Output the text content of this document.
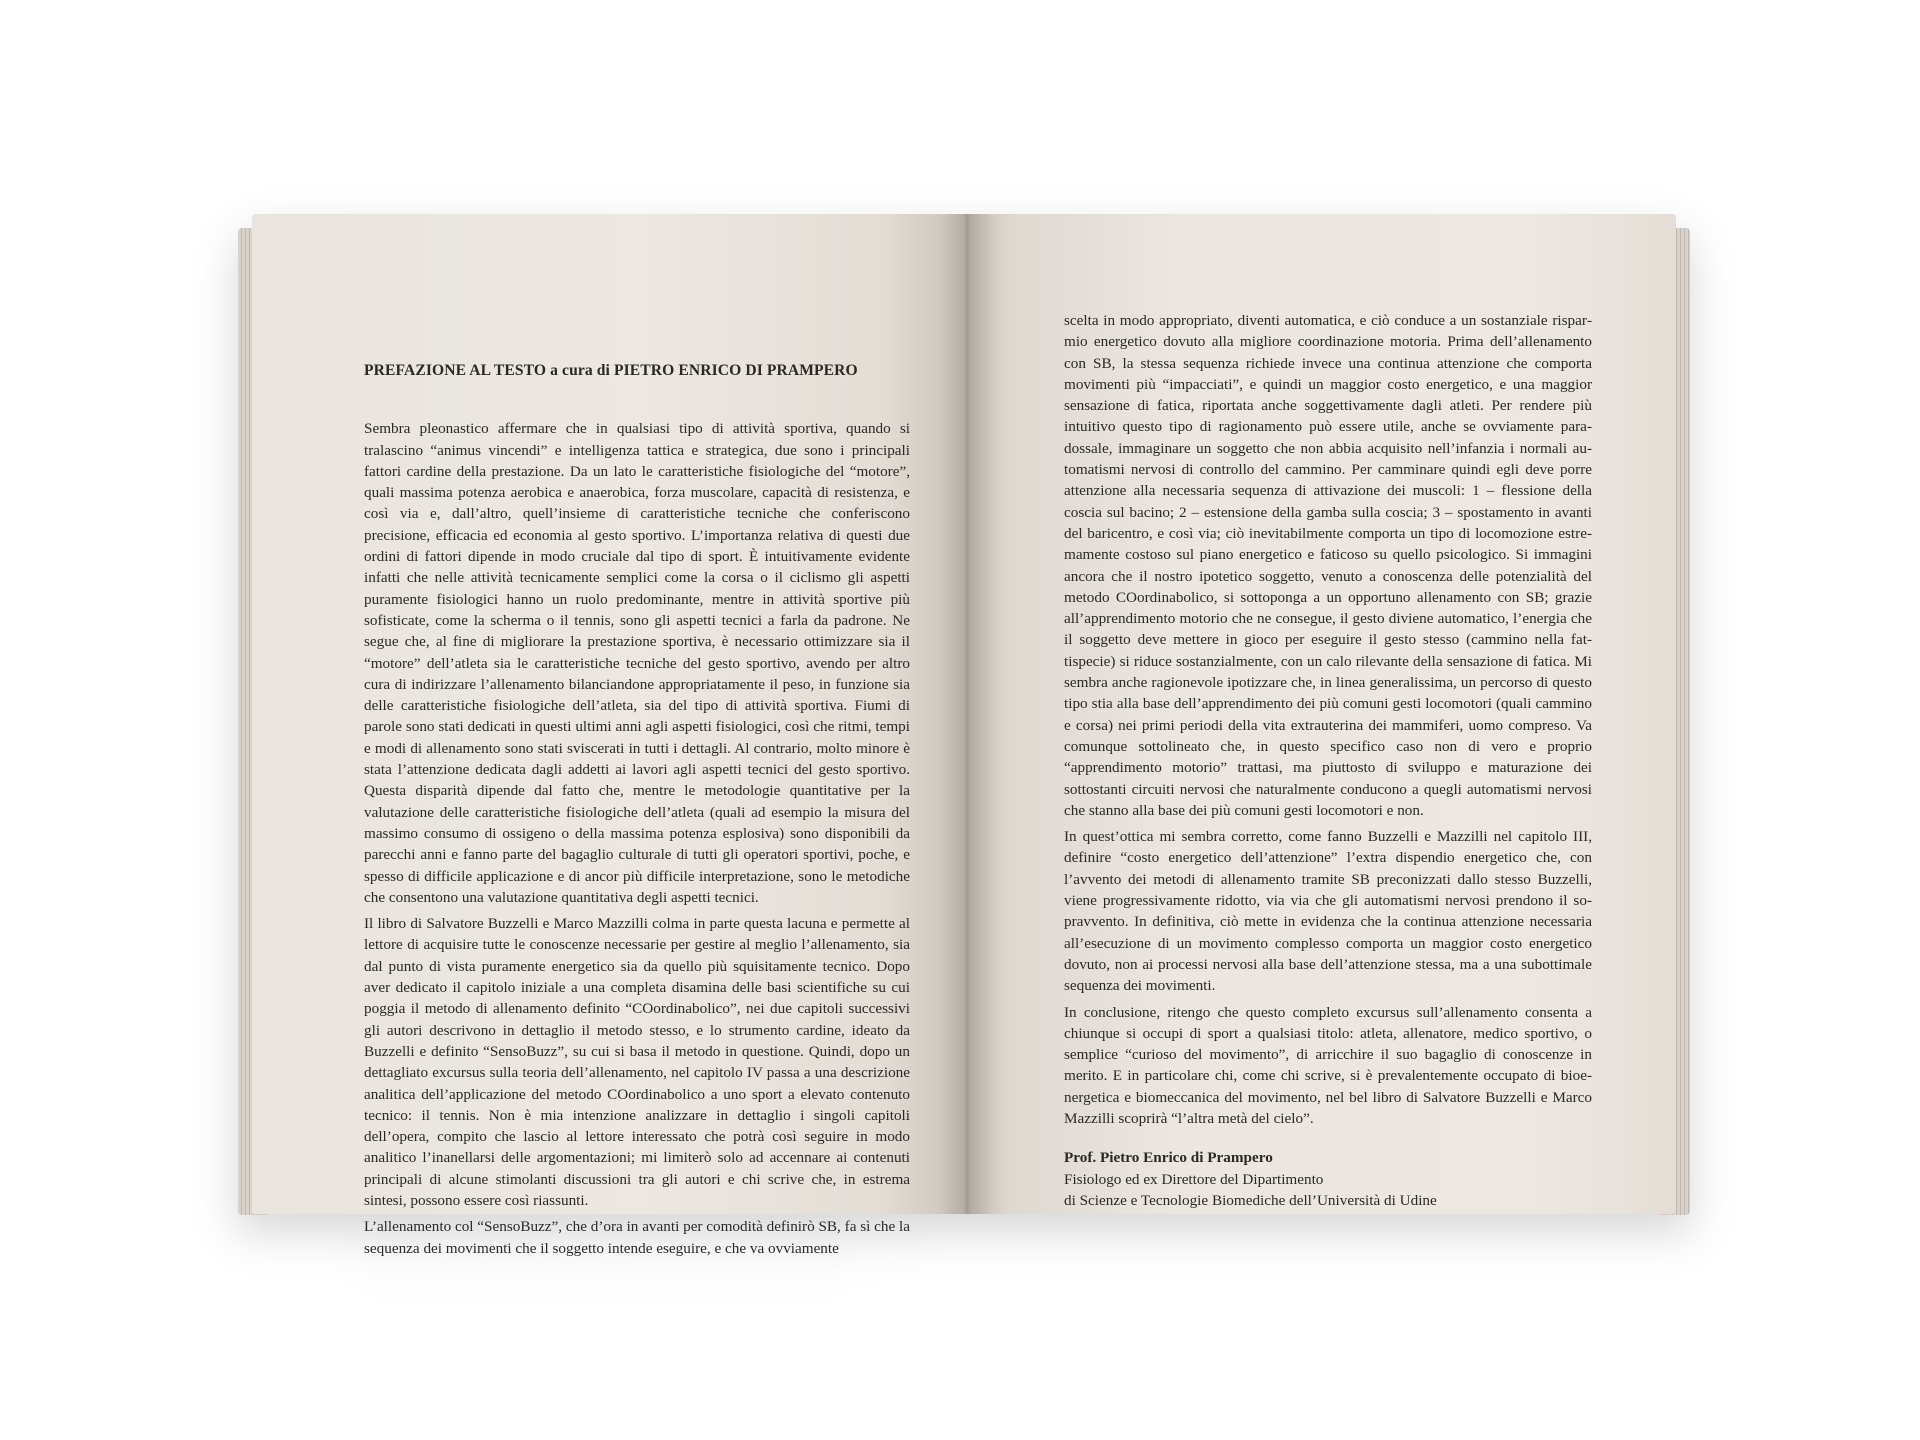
PREFAZIONE AL TESTO a cura di PIETRO ENRICO DI PRAMPERO

Sembra pleonastico affermare che in qualsiasi tipo di attività sportiva, quando si tralascino “animus vincendi” e intelligenza tattica e strategica, due sono i principali fattori cardine della prestazione. Da un lato le caratteristiche fisiologiche del “motore”, quali massima potenza aerobica e anaerobica, forza muscolare, capacità di resistenza, e così via e, dall’altro, quell’insieme di caratteristiche tecniche che conferiscono precisione, efficacia ed economia al gesto sportivo. L’importanza relativa di questi due ordini di fattori dipende in modo cruciale dal tipo di sport. È intuitivamente evidente infatti che nelle attività tecnicamente semplici come la corsa o il ciclismo gli aspetti puramente fisiologici hanno un ruolo predominante, mentre in attività sportive più sofisticate, come la scherma o il tennis, sono gli aspetti tecnici a farla da padrone. Ne segue che, al fine di migliorare la prestazione sportiva, è necessario ottimizzare sia il “motore” dell’atleta sia le caratteristiche tecniche del gesto sportivo, avendo per altro cura di indirizzare l’allenamento bilanciandone appropriatamente il peso, in funzione sia delle caratteristiche fisiologiche dell’atleta, sia del tipo di attività sportiva. Fiumi di parole sono stati dedicati in questi ultimi anni agli aspetti fisiologici, così che ritmi, tempi e modi di allenamento sono stati sviscerati in tutti i dettagli. Al contrario, molto minore è stata l’attenzione dedicata dagli addetti ai lavori agli aspetti tecnici del gesto sportivo. Questa disparità dipende dal fatto che, mentre le metodologie quantitative per la valutazione delle caratteristiche fisiologiche dell’atleta (quali ad esempio la misura del massimo consumo di ossigeno o della massima potenza esplosiva) sono disponibili da parecchi anni e fanno parte del bagaglio culturale di tutti gli operatori sportivi, poche, e spesso di difficile applicazione e di ancor più difficile interpretazione, sono le metodiche che consentono una valutazione quantitativa degli aspetti tecnici.

Il libro di Salvatore Buzzelli e Marco Mazzilli colma in parte questa lacuna e permette al lettore di acquisire tutte le conoscenze necessarie per gestire al meglio l’allenamento, sia dal punto di vista puramente energetico sia da quello più squisitamente tecnico. Dopo aver dedicato il capitolo iniziale a una completa disamina delle basi scientifiche su cui poggia il metodo di allenamento definito “COordinabolico”, nei due capitoli successivi gli autori descrivono in dettaglio il metodo stesso, e lo strumento cardine, ideato da Buzzelli e definito “SensoBuzz”, su cui si basa il metodo in questione. Quindi, dopo un dettagliato excursus sulla teoria dell’allenamento, nel capitolo IV passa a una descrizione analitica dell’applicazione del metodo COordinabolico a uno sport a elevato contenuto tecnico: il tennis. Non è mia intenzione analizzare in dettaglio i singoli capitoli dell’opera, compito che lascio al lettore interessato che potrà così seguire in modo analitico l’inanellarsi delle argomentazioni; mi limiterò solo ad accennare ai contenuti principali di alcune stimolanti discussioni tra gli autori e chi scrive che, in estrema sintesi, possono essere così riassunti.

L’allenamento col “SensoBuzz”, che d’ora in avanti per comodità definirò SB, fa sì che la sequenza dei movimenti che il soggetto intende eseguire, e che va ovviamente

scelta in modo appropriato, diventi automatica, e ciò conduce a un sostanziale risparmio energetico dovuto alla migliore coordinazione motoria. Prima dell’allenamento con SB, la stessa sequenza richiede invece una continua attenzione che comporta movimenti più “impacciati”, e quindi un maggior costo energetico, e una maggior sensazione di fatica, riportata anche soggettivamente dagli atleti. Per rendere più intuitivo questo tipo di ragionamento può essere utile, anche se ovviamente paradossale, immaginare un soggetto che non abbia acquisito nell’infanzia i normali automatismi nervosi di controllo del cammino. Per camminare quindi egli deve porre attenzione alla necessaria sequenza di attivazione dei muscoli: 1 – flessione della coscia sul bacino; 2 – estensione della gamba sulla coscia; 3 – spostamento in avanti del baricentro, e così via; ciò inevitabilmente comporta un tipo di locomozione estremamente costoso sul piano energetico e faticoso su quello psicologico. Si immagini ancora che il nostro ipotetico soggetto, venuto a conoscenza delle potenzialità del metodo COordinabolico, si sottoponga a un opportuno allenamento con SB; grazie all’apprendimento motorio che ne consegue, il gesto diviene automatico, l’energia che il soggetto deve mettere in gioco per eseguire il gesto stesso (cammino nella fattispecie) si riduce sostanzialmente, con un calo rilevante della sensazione di fatica. Mi sembra anche ragionevole ipotizzare che, in linea generalissima, un percorso di questo tipo stia alla base dell’apprendimento dei più comuni gesti locomotori (quali cammino e corsa) nei primi periodi della vita extrauterina dei mammiferi, uomo compreso. Va comunque sottolineato che, in questo specifico caso non di vero e proprio “apprendimento motorio” trattasi, ma piuttosto di sviluppo e maturazione dei sottostanti circuiti nervosi che naturalmente conducono a quegli automatismi nervosi che stanno alla base dei più comuni gesti locomotori e non.

In quest’ottica mi sembra corretto, come fanno Buzzelli e Mazzilli nel capitolo III, definire “costo energetico dell’attenzione” l’extra dispendio energetico che, con l’avvento dei metodi di allenamento tramite SB preconizzati dallo stesso Buzzelli, viene progressivamente ridotto, via via che gli automatismi nervosi prendono il sopravvento. In definitiva, ciò mette in evidenza che la continua attenzione necessaria all’esecuzione di un movimento complesso comporta un maggior costo energetico dovuto, non ai processi nervosi alla base dell’attenzione stessa, ma a una subottimale sequenza dei movimenti.

In conclusione, ritengo che questo completo excursus sull’allenamento consenta a chiunque si occupi di sport a qualsiasi titolo: atleta, allenatore, medico sportivo, o semplice “curioso del movimento”, di arricchire il suo bagaglio di conoscenze in merito. E in particolare chi, come chi scrive, si è prevalentemente occupato di bioenergetica e biomeccanica del movimento, nel bel libro di Salvatore Buzzelli e Marco Mazzilli scoprirà “l’altra metà del cielo”.

Prof. Pietro Enrico di Prampero
Fisiologo ed ex Direttore del Dipartimento
di Scienze e Tecnologie Biomediche dell’Università di Udine
